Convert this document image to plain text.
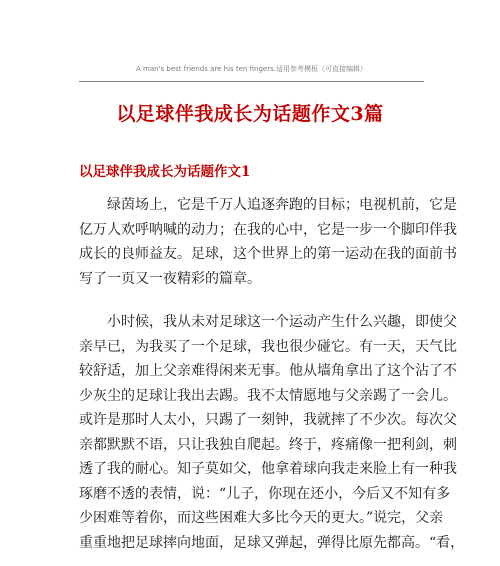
A man's best friends are his ten fingers.适用参考模板（可直接编辑）
以足球伴我成长为话题作文3篇
以足球伴我成长为话题作文1
　　绿茵场上，它是千万人追逐奔跑的目标；电视机前，它是
亿万人欢呼呐喊的动力；在我的心中，它是一步一个脚印伴我
成长的良师益友。足球，这个世界上的第一运动在我的面前书
写了一页又一夜精彩的篇章。
　　小时候，我从未对足球这一个运动产生什么兴趣，即使父
亲早已，为我买了一个足球，我也很少碰它。有一天，天气比
较舒适，加上父亲难得闲来无事。他从墙角拿出了这个沾了不
少灰尘的足球让我出去踢。我不太情愿地与父亲踢了一会儿。
或许是那时人太小，只踢了一刻钟，我就摔了不少次。每次父
亲都默默不语，只让我独自爬起。终于，疼痛像一把利剑，刺
透了我的耐心。知子莫如父，他拿着球向我走来脸上有一种我
琢磨不透的表情，说：“儿子，你现在还小，今后又不知有多
少困难等着你，而这些困难大多比今天的更大。”说完，父亲
重重地把足球摔向地面，足球又弹起，弹得比原先都高。“看，
